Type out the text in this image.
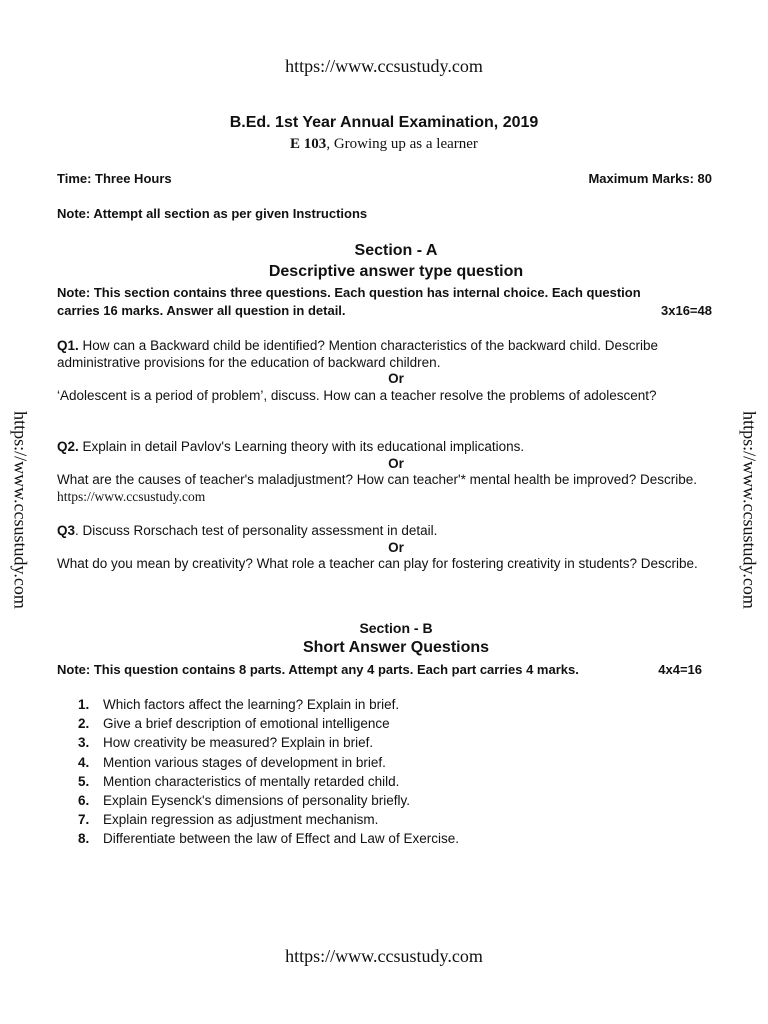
https://www.ccsustudy.com
https://www.ccsustudy.com	https://www.ccsustudy.com
https://www.ccsustudy.com
B.Ed. 1st Year Annual Examination, 2019
E 103, Growing up as a learner
Time: Three Hours	Maximum Marks: 80
Note: Attempt all section as per given Instructions
Section - A
Descriptive answer type question
Note: This section contains three questions. Each question has internal choice. Each question
carries 16 marks. Answer all question in detail.	3x16=48
Q1. How can a Backward child be identified? Mention characteristics of the backward child. Describe administrative provisions for the education of backward children.
Or
‘Adolescent is a period of problem’, discuss. How can a teacher resolve the problems of adolescent?
Q2. Explain in detail Pavlov's Learning theory with its educational implications.
Or
What are the causes of teacher's maladjustment? How can teacher'* mental health be improved? Describe. https://www.ccsustudy.com
Q3. Discuss Rorschach test of personality assessment in detail.
Or
What do you mean by creativity? What role a teacher can play for fostering creativity in students? Describe.
Section - B
Short Answer Questions
Note: This question contains 8 parts. Attempt any 4 parts. Each part carries 4 marks.	4x4=16
1.	Which factors affect the learning? Explain in brief.
2.	Give a brief description of emotional intelligence
3.	How creativity be measured? Explain in brief.
4.	Mention various stages of development in brief.
5.	Mention characteristics of mentally retarded child.
6.	Explain Eysenck's dimensions of personality briefly.
7.	Explain regression as adjustment mechanism.
8.	Differentiate between the law of Effect and Law of Exercise.
